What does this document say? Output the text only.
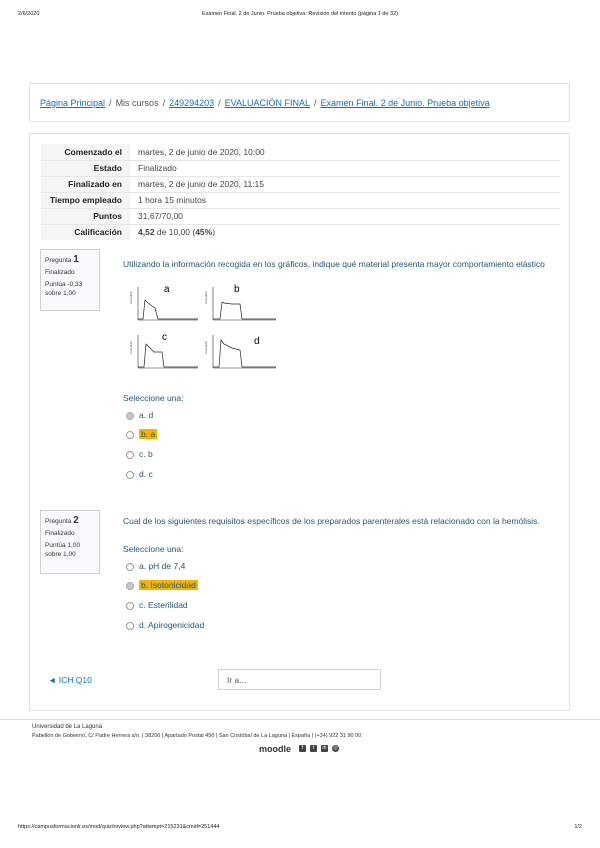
2/6/2020	Examen Final. 2 de Junio. Prueba objetiva: Revisión del intento (página 1 de 32)
Página Principal / Mis cursos / 249294203 / EVALUACIÓN FINAL / Examen Final. 2 de Junio. Prueba objetiva
Comenzado el	martes, 2 de junio de 2020, 10:00
Estado	Finalizado
Finalizado en	martes, 2 de junio de 2020, 11:15
Tiempo empleado	1 hora 15 minutos
Puntos	31,67/70,00
Calificación	4,52 de 10,00 (45%)
Pregunta 1
Finalizado
Puntúa -0,33
sobre 1,00
Utilizando la información recogida en los gráficos, indique qué material presenta mayor comportamiento elástico
Force (mN)
a
Force (mN)
b
Force (mN)
c
Force (mN)	d
Seleccione una:
a. d
b. a
c. b
d. c
Pregunta 2
Finalizado
Puntúa 1,00
sobre 1,00
Cual de los siguientes requisitos específicos de los preparados parenterales está relacionado con la hemólisis.
Seleccione una:
a. pH de 7,4
b. Isotonicidad
c. Esterilidad
d. Apirogenicidad
◄ ICH Q10	Ir a...
Universidad de La Laguna
Pabellón de Gobierno, C/ Padre Herrera s/n. | 38200 | Apartado Postal 456 | San Cristóbal de La Laguna | España | (+34) 922 31 90 00
moodle	f	t	in	◎
https://campusformacionlr.es/mod/quiz/review.php?attempt=215231&cmid=251444	1/2
